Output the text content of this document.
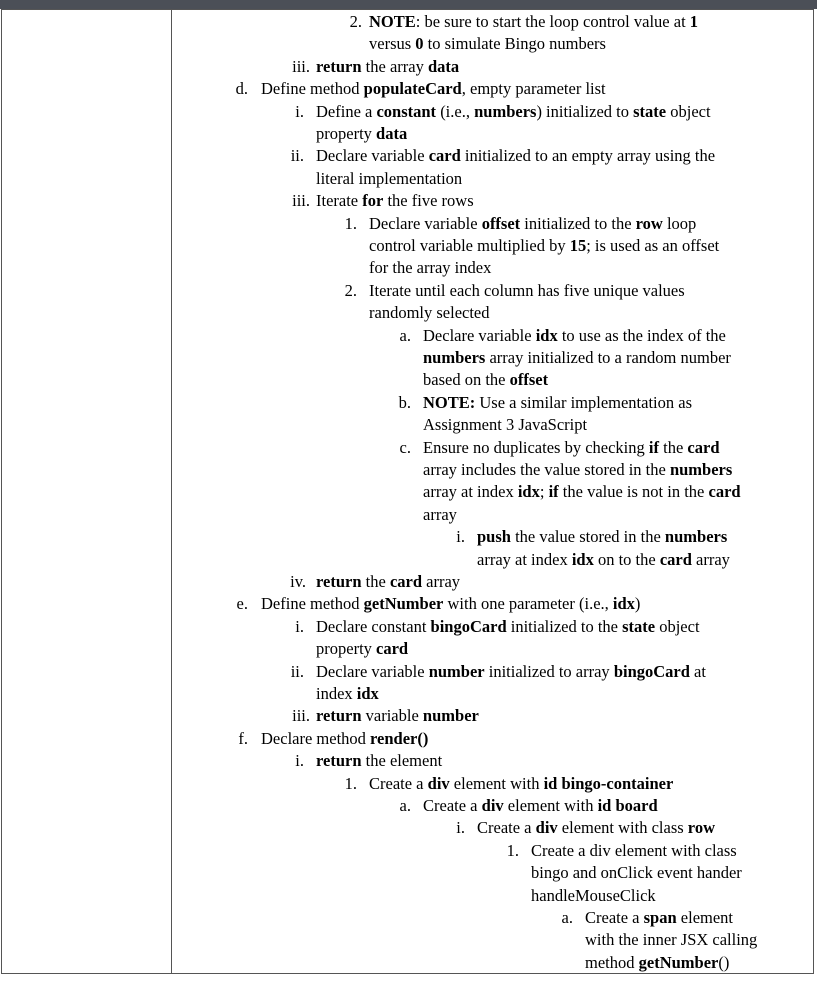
2. NOTE: be sure to start the loop control value at 1
versus 0 to simulate Bingo numbers
iii. return the array data
d. Define method populateCard, empty parameter list
i. Define a constant (i.e., numbers) initialized to state object
property data
ii. Declare variable card initialized to an empty array using the
literal implementation
iii. Iterate for the five rows
1. Declare variable offset initialized to the row loop
control variable multiplied by 15; is used as an offset
for the array index
2. Iterate until each column has five unique values
randomly selected
a. Declare variable idx to use as the index of the
numbers array initialized to a random number
based on the offset
b. NOTE: Use a similar implementation as
Assignment 3 JavaScript
c. Ensure no duplicates by checking if the card
array includes the value stored in the numbers
array at index idx; if the value is not in the card
array
i. push the value stored in the numbers
array at index idx on to the card array
iv. return the card array
e. Define method getNumber with one parameter (i.e., idx)
i. Declare constant bingoCard initialized to the state object
property card
ii. Declare variable number initialized to array bingoCard at
index idx
iii. return variable number
f. Declare method render()
i. return the element
1. Create a div element with id bingo-container
a. Create a div element with id board
i. Create a div element with class row
1. Create a div element with class
bingo and onClick event hander
handleMouseClick
a. Create a span element
with the inner JSX calling
method getNumber()
